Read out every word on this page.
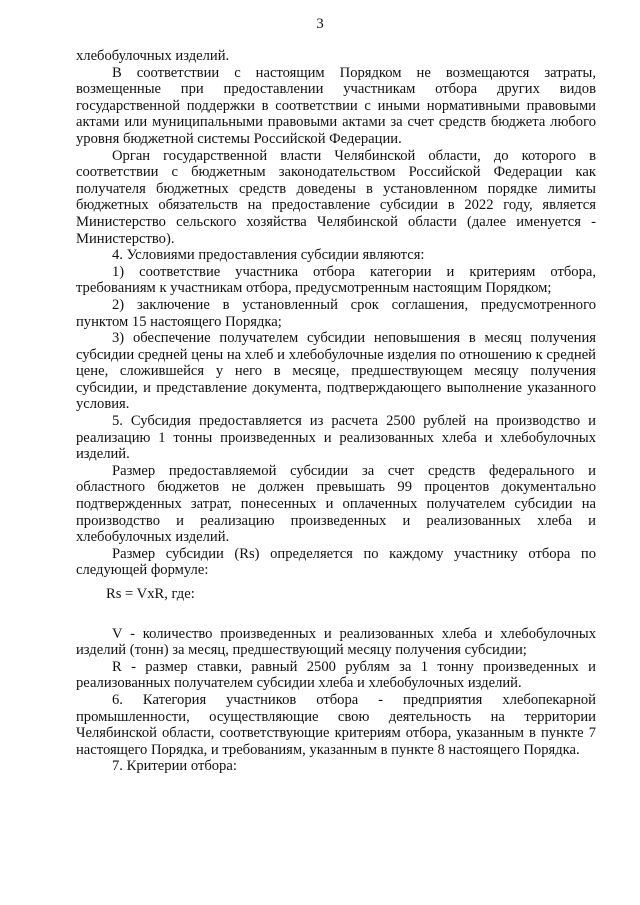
3

хлебобулочных изделий.

В соответствии с настоящим Порядком не возмещаются затраты, возмещенные при предоставлении участникам отбора других видов государственной поддержки в соответствии с иными нормативными правовыми актами или муниципальными правовыми актами за счет средств бюджета любого уровня бюджетной системы Российской Федерации.

Орган государственной власти Челябинской области, до которого в соответствии с бюджетным законодательством Российской Федерации как получателя бюджетных средств доведены в установленном порядке лимиты бюджетных обязательств на предоставление субсидии в 2022 году, является Министерство сельского хозяйства Челябинской области (далее именуется - Министерство).

4. Условиями предоставления субсидии являются:

1) соответствие участника отбора категории и критериям отбора, требованиям к участникам отбора, предусмотренным настоящим Порядком;

2) заключение в установленный срок соглашения, предусмотренного пунктом 15 настоящего Порядка;

3) обеспечение получателем субсидии неповышения в месяц получения субсидии средней цены на хлеб и хлебобулочные изделия по отношению к средней цене, сложившейся у него в месяце, предшествующем месяцу получения субсидии, и представление документа, подтверждающего выполнение указанного условия.

5. Субсидия предоставляется из расчета 2500 рублей на производство и реализацию 1 тонны произведенных и реализованных хлеба и хлебобулочных изделий.

Размер предоставляемой субсидии за счет средств федерального и областного бюджетов не должен превышать 99 процентов документально подтвержденных затрат, понесенных и оплаченных получателем субсидии на производство и реализацию произведенных и реализованных хлеба и хлебобулочных изделий.

Размер субсидии (Rs) определяется по каждому участнику отбора по следующей формуле:

Rs = VxR, где:

V - количество произведенных и реализованных хлеба и хлебобулочных изделий (тонн) за месяц, предшествующий месяцу получения субсидии;

R - размер ставки, равный 2500 рублям за 1 тонну произведенных и реализованных получателем субсидии хлеба и хлебобулочных изделий.

6. Категория участников отбора - предприятия хлебопекарной промышленности, осуществляющие свою деятельность на территории Челябинской области, соответствующие критериям отбора, указанным в пункте 7 настоящего Порядка, и требованиям, указанным в пункте 8 настоящего Порядка.

7. Критерии отбора:
